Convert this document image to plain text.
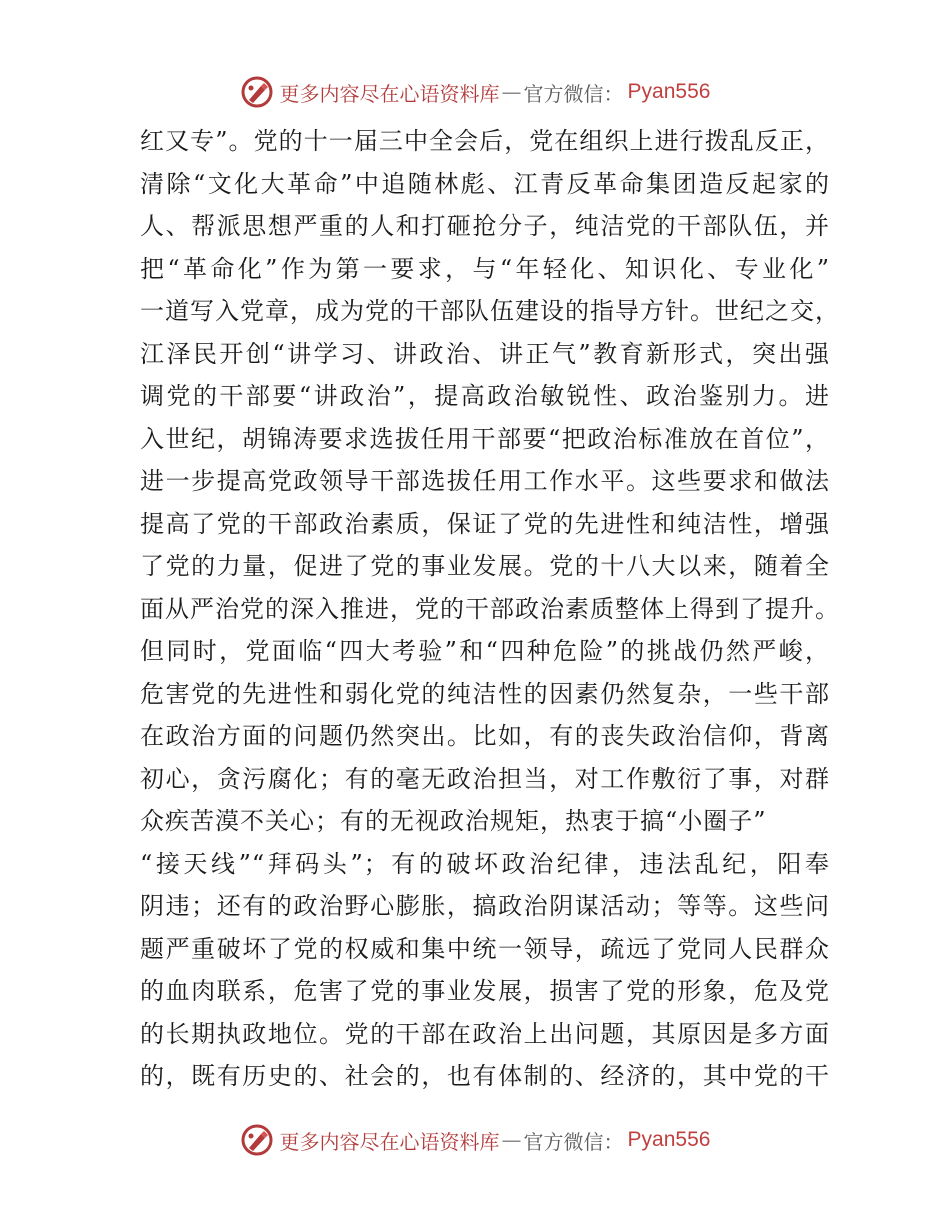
更多内容尽在心语资料库 — 官方微信： Pyan556
红又专”。党的十一届三中全会后，党在组织上进行拨乱反正，
清除“文化大革命”中追随林彪、江青反革命集团造反起家的
人、帮派思想严重的人和打砸抢分子，纯洁党的干部队伍，并
把“革命化”作为第一要求，与“年轻化、知识化、专业化”
一道写入党章，成为党的干部队伍建设的指导方针。世纪之交，
江泽民开创“讲学习、讲政治、讲正气”教育新形式，突出强
调党的干部要“讲政治”，提高政治敏锐性、政治鉴别力。进
入世纪，胡锦涛要求选拔任用干部要“把政治标准放在首位”，
进一步提高党政领导干部选拔任用工作水平。这些要求和做法
提高了党的干部政治素质，保证了党的先进性和纯洁性，增强
了党的力量，促进了党的事业发展。党的十八大以来，随着全
面从严治党的深入推进，党的干部政治素质整体上得到了提升。
但同时，党面临“四大考验”和“四种危险”的挑战仍然严峻，
危害党的先进性和弱化党的纯洁性的因素仍然复杂，一些干部
在政治方面的问题仍然突出。比如，有的丧失政治信仰，背离
初心，贪污腐化；有的毫无政治担当，对工作敷衍了事，对群
众疾苦漠不关心；有的无视政治规矩，热衷于搞“小圈子”
“接天线”“拜码头”；有的破坏政治纪律，违法乱纪，阳奉
阴违；还有的政治野心膨胀，搞政治阴谋活动；等等。这些问
题严重破坏了党的权威和集中统一领导，疏远了党同人民群众
的血肉联系，危害了党的事业发展，损害了党的形象，危及党
的长期执政地位。党的干部在政治上出问题，其原因是多方面
的，既有历史的、社会的，也有体制的、经济的，其中党的干
更多内容尽在心语资料库 — 官方微信： Pyan556
